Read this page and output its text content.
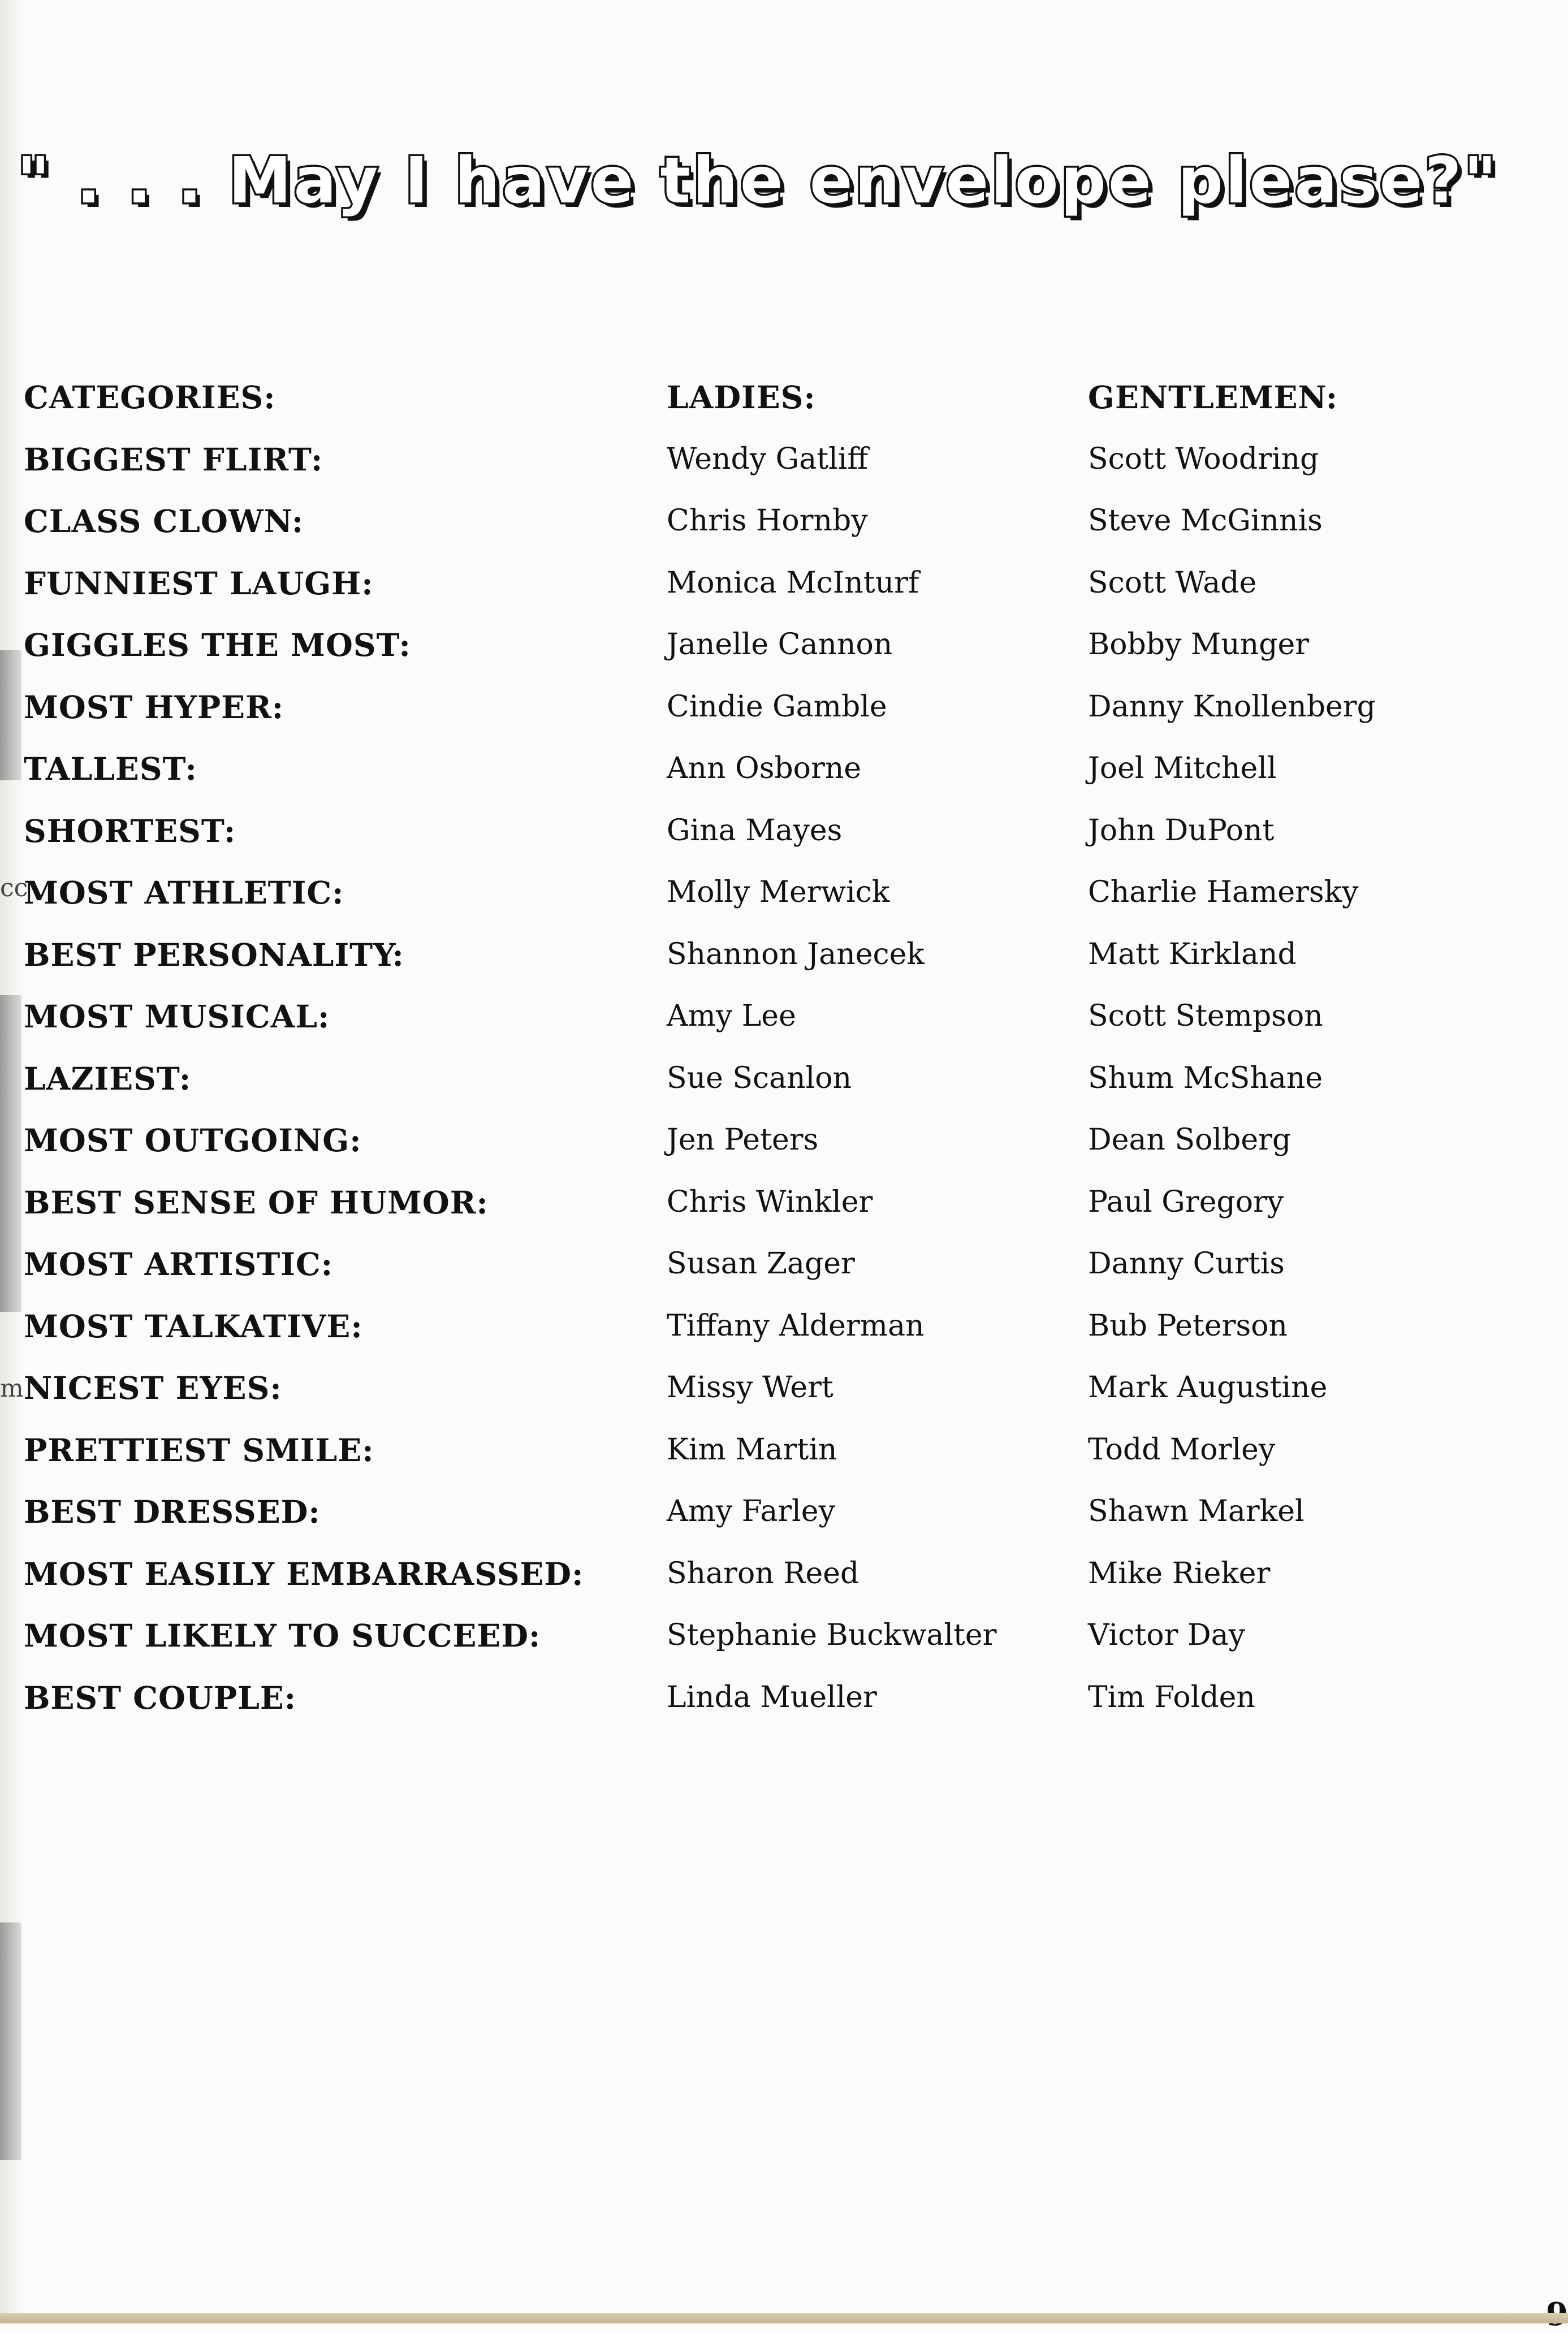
cc
m
" . . . May I have the envelope please?"
CATEGORIES:	LADIES:	GENTLEMEN:
BIGGEST FLIRT:	Wendy Gatliff	Scott Woodring
CLASS CLOWN:	Chris Hornby	Steve McGinnis
FUNNIEST LAUGH:	Monica McInturf	Scott Wade
GIGGLES THE MOST:	Janelle Cannon	Bobby Munger
MOST HYPER:	Cindie Gamble	Danny Knollenberg
TALLEST:	Ann Osborne	Joel Mitchell
SHORTEST:	Gina Mayes	John DuPont
MOST ATHLETIC:	Molly Merwick	Charlie Hamersky
BEST PERSONALITY:	Shannon Janecek	Matt Kirkland
MOST MUSICAL:	Amy Lee	Scott Stempson
LAZIEST:	Sue Scanlon	Shum McShane
MOST OUTGOING:	Jen Peters	Dean Solberg
BEST SENSE OF HUMOR:	Chris Winkler	Paul Gregory
MOST ARTISTIC:	Susan Zager	Danny Curtis
MOST TALKATIVE:	Tiffany Alderman	Bub Peterson
NICEST EYES:	Missy Wert	Mark Augustine
PRETTIEST SMILE:	Kim Martin	Todd Morley
BEST DRESSED:	Amy Farley	Shawn Markel
MOST EASILY EMBARRASSED:	Sharon Reed	Mike Rieker
MOST LIKELY TO SUCCEED:	Stephanie Buckwalter	Victor Day
BEST COUPLE:	Linda Mueller	Tim Folden
